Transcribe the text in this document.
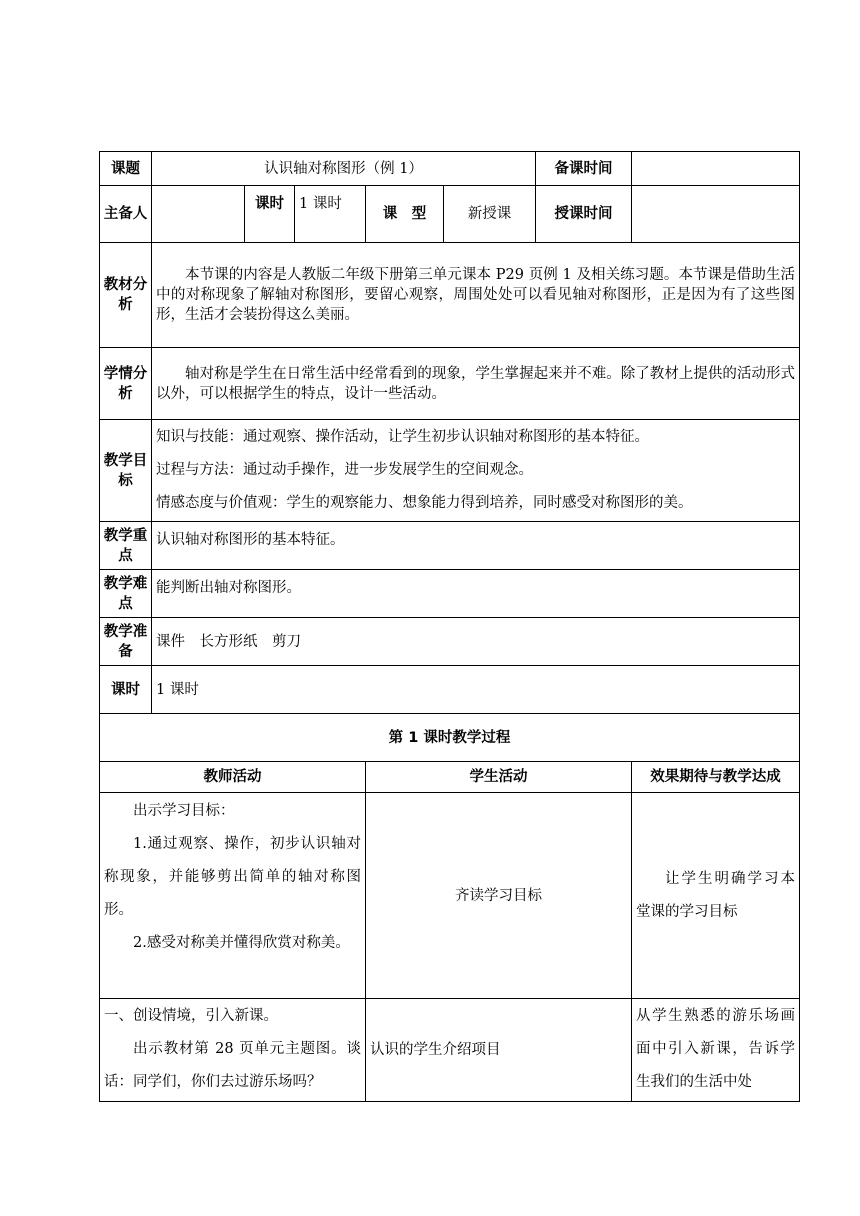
课题	认识轴对称图形（例 1）					备课时间	
主备人		课时	1 课时	课　型	新授课	授课时间	
教材分析	本节课的内容是人教版二年级下册第三单元课本 P29 页例 1 及相关练习题。本节课是借助生活中的对称现象了解轴对称图形，要留心观察，周围处处可以看见轴对称图形，正是因为有了这些图形，生活才会装扮得这么美丽。						
学情分析	轴对称是学生在日常生活中经常看到的现象，学生掌握起来并不难。除了教材上提供的活动形式以外，可以根据学生的特点，设计一些活动。						
教学目标	知识与技能：通过观察、操作活动，让学生初步认识轴对称图形的基本特征。
过程与方法：通过动手操作，进一步发展学生的空间观念。
情感态度与价值观：学生的观察能力、想象能力得到培养，同时感受对称图形的美。						

教学重点	认识轴对称图形的基本特征。						
教学难点	能判断出轴对称图形。						
教学准备	课件　长方形纸　剪刀						
课时	1 课时						
第 1 课时教学过程							
教师活动				学生活动			效果期待与教学达成

出示学习目标：
1.通过观察、操作，初步认识轴对称现象，并能够剪出简单的轴对称图形。
2.感受对称美并懂得欣赏对称美。				齐读学习目标			让学生明确学习本堂课的学习目标

一、创设情境，引入新课。
出示教材第 28 页单元主题图。谈话：同学们，你们去过游乐场吗？				认识的学生介绍项目			从学生熟悉的游乐场画面中引入新课，告诉学生我们的生活中处
